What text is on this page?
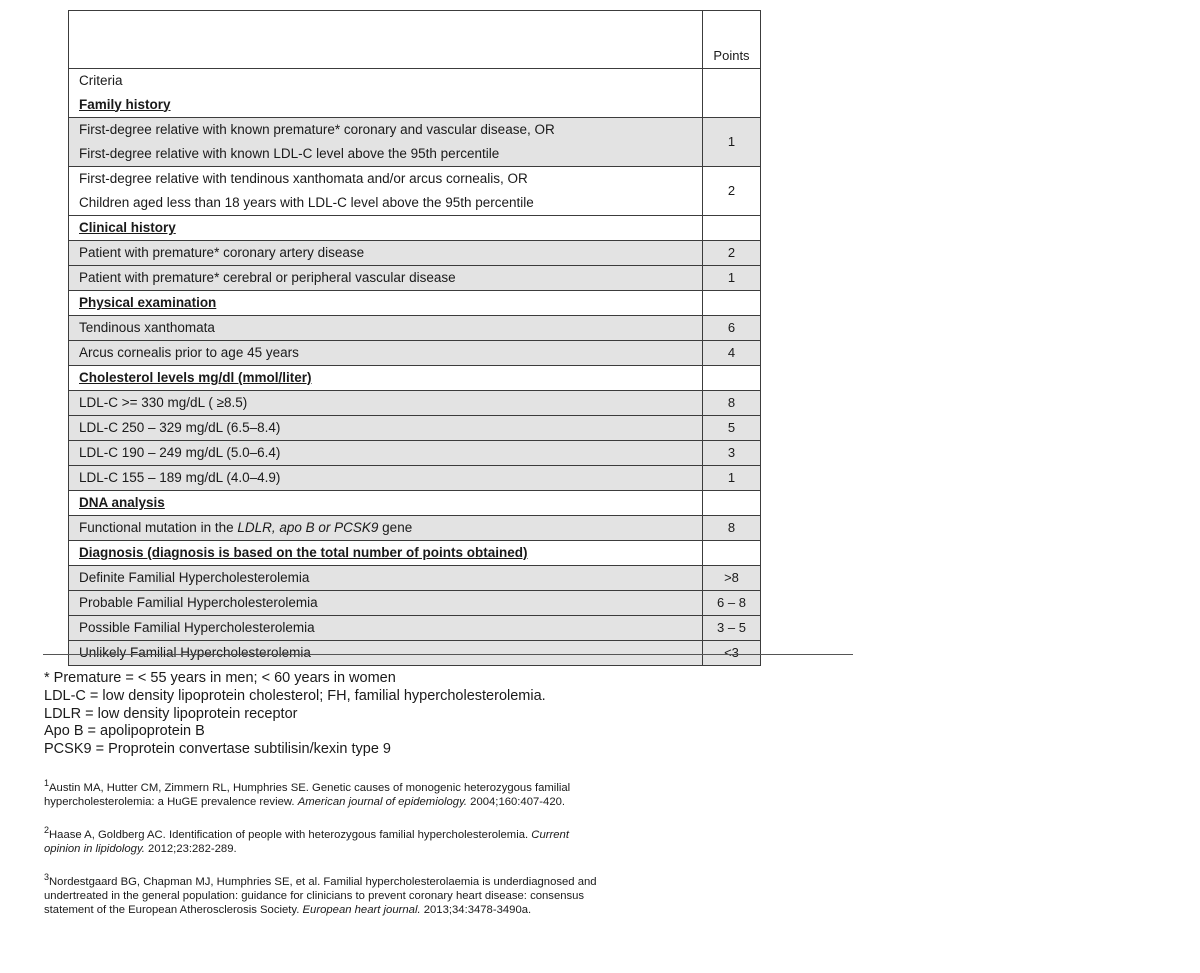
	Points

Criteria
Family history	

First-degree relative with known premature* coronary and vascular disease, OR
First-degree relative with known LDL-C level above the 95th percentile	1

First-degree relative with tendinous xanthomata and/or arcus cornealis, OR
Children aged less than 18 years with LDL-C level above the 95th percentile	2

Clinical history	

Patient with premature* coronary artery disease	2

Patient with premature* cerebral or peripheral vascular disease	1

Physical examination	

Tendinous xanthomata	6

Arcus cornealis prior to age 45 years	4

Cholesterol levels mg/dl (mmol/liter)	

LDL-C >= 330 mg/dL ( ≥8.5)	8

LDL-C 250 – 329 mg/dL (6.5–8.4)	5

LDL-C 190 – 249 mg/dL (5.0–6.4)	3

LDL-C 155 – 189 mg/dL (4.0–4.9)	1

DNA analysis	

Functional mutation in the LDLR, apo B or PCSK9 gene	8

Diagnosis (diagnosis is based on the total number of points obtained)	

Definite Familial Hypercholesterolemia	>8

Probable Familial Hypercholesterolemia	6 – 8

Possible Familial Hypercholesterolemia	3 – 5

Unlikely Familial Hypercholesterolemia	<3
* Premature = < 55 years in men; < 60 years in women
LDL-C = low density lipoprotein cholesterol; FH, familial hypercholesterolemia.
LDLR = low density lipoprotein receptor
Apo B = apolipoprotein B
PCSK9 = Proprotein convertase subtilisin/kexin type 9
$^1$Austin MA, Hutter CM, Zimmern RL, Humphries SE. Genetic causes of monogenic heterozygous familial hypercholesterolemia: a HuGE prevalence review. American journal of epidemiology. 2004;160:407-420.
$^2$Haase A, Goldberg AC. Identification of people with heterozygous familial hypercholesterolemia. Current opinion in lipidology. 2012;23:282-289.
$^3$Nordestgaard BG, Chapman MJ, Humphries SE, et al. Familial hypercholesterolaemia is underdiagnosed and undertreated in the general population: guidance for clinicians to prevent coronary heart disease: consensus statement of the European Atherosclerosis Society. European heart journal. 2013;34:3478-3490a.
